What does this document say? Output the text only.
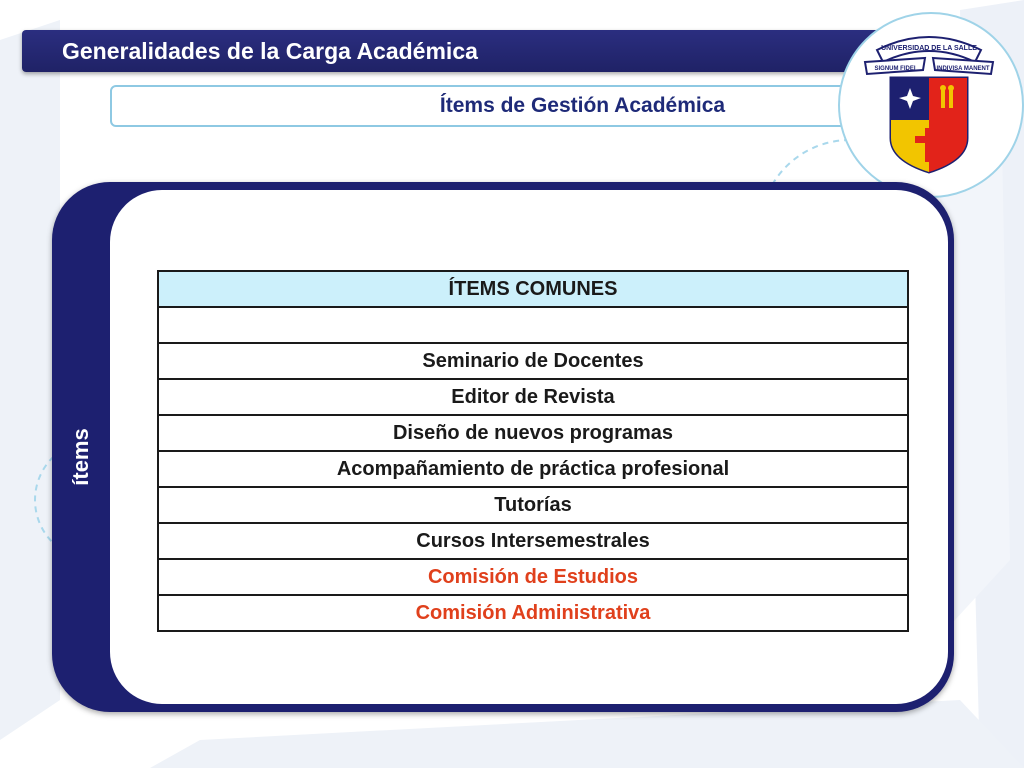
Generalidades de la Carga Académica
Ítems de Gestión Académica
UNIVERSIDAD DE LA SALLE
SIGNUM FIDEI	INDIVISA MANENT
ítems
ÍTEMS COMUNES

Seminario de Docentes
Editor de Revista
Diseño de nuevos programas
Acompañamiento de práctica profesional
Tutorías
Cursos Intersemestrales
Comisión de Estudios
Comisión Administrativa
